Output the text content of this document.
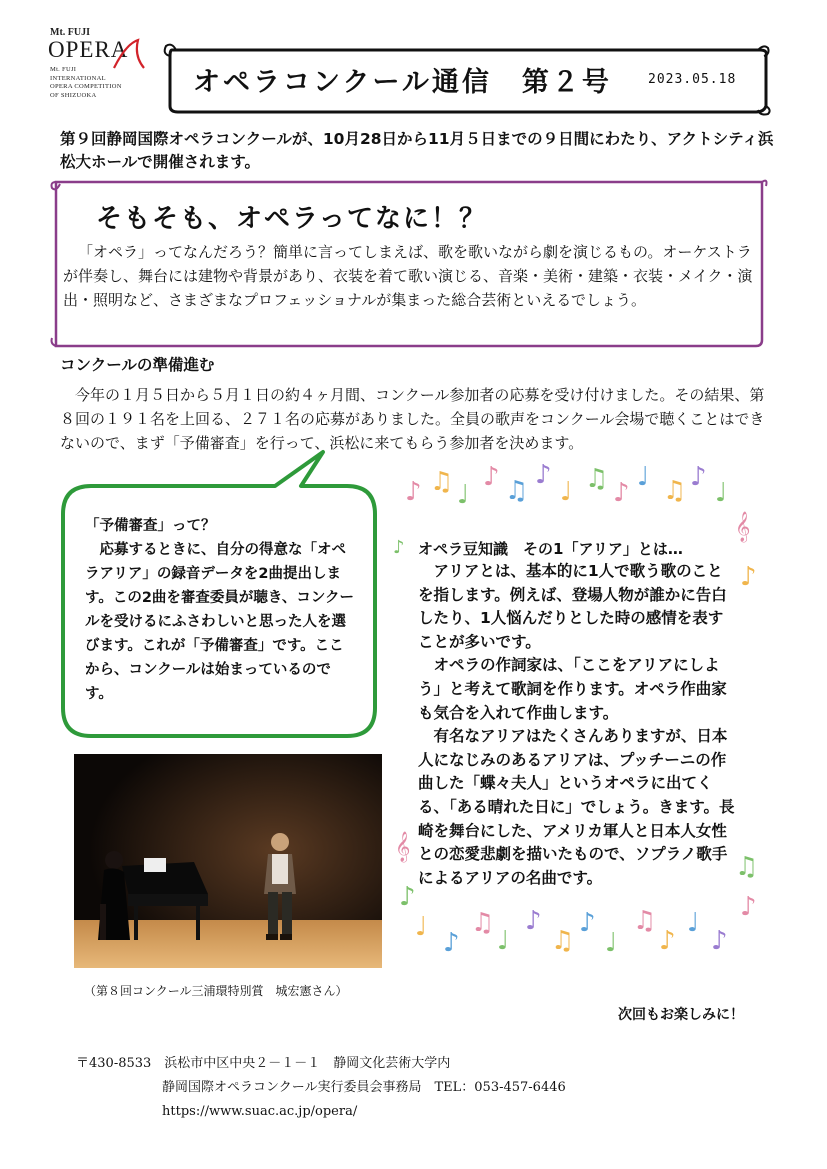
Mt. FUJI
OPERA
Mt. FUJI
INTERNATIONAL
OPERA COMPETITION
OF SHIZUOKA	オペラコンクール通信　第２号	2023.05.18
第９回静岡国際オペラコンクールが、10月28日から11月５日までの９日間にわたり、アクトシティ浜松大ホールで開催されます。
そもそも、オペラってなに！？
「オペラ」ってなんだろう？簡単に言ってしまえば、歌を歌いながら劇を演じるもの。オーケストラが伴奏し、舞台には建物や背景があり、衣装を着て歌い演じる、音楽・美術・建築・衣装・メイク・演出・照明など、さまざまなプロフェッショナルが集まった総合芸術といえるでしょう。
コンクールの準備進む
今年の１月５日から５月１日の約４ヶ月間、コンクール参加者の応募を受け付けました。その結果、第８回の１９１名を上回る、２７１名の応募がありました。全員の歌声をコンクール会場で聴くことはできないので、まず「予備審査」を行って、浜松に来てもらう参加者を決めます。
「予備審査」って？
応募するときに、自分の得意な「オペラアリア」の録音データを2曲提出します。この2曲を審査委員が聴き、コンクールを受けるにふさわしいと思った人を選びます。これが「予備審査」です。ここから、コンクールは始まっているのです。
（第８回コンクール三浦環特別賞　城宏憲さん）
♪ ♫ ♩
♪ ♫
♪
♩ ♫ ♪
♩ ♫ ♪
♩
𝄞
♪
♪
𝄞
♪
♫
♪
♩
♪
♫
♩
♪
♫
♪
♩
♫
♪
♩
♪
オペラ豆知識　その1「アリア」とは…
アリアとは、基本的に1人で歌う歌のことを指します。例えば、登場人物が誰かに告白したり、1人悩んだりとした時の感情を表すことが多いです。
オペラの作詞家は、「ここをアリアにしよう」と考えて歌詞を作ります。オペラ作曲家も気合を入れて作曲します。
有名なアリアはたくさんありますが、日本人になじみのあるアリアは、プッチーニの作曲した「蝶々夫人」というオペラに出てくる、「ある晴れた日に」でしょう。きます。長崎を舞台にした、アメリカ軍人と日本人女性との恋愛悲劇を描いたもので、ソプラノ歌手によるアリアの名曲です。
次回もお楽しみに！
〒430-8533　浜松市中区中央２－１－１　静岡文化芸術大学内
静岡国際オペラコンクール実行委員会事務局　TEL：053-457-6446
https://www.suac.ac.jp/opera/
